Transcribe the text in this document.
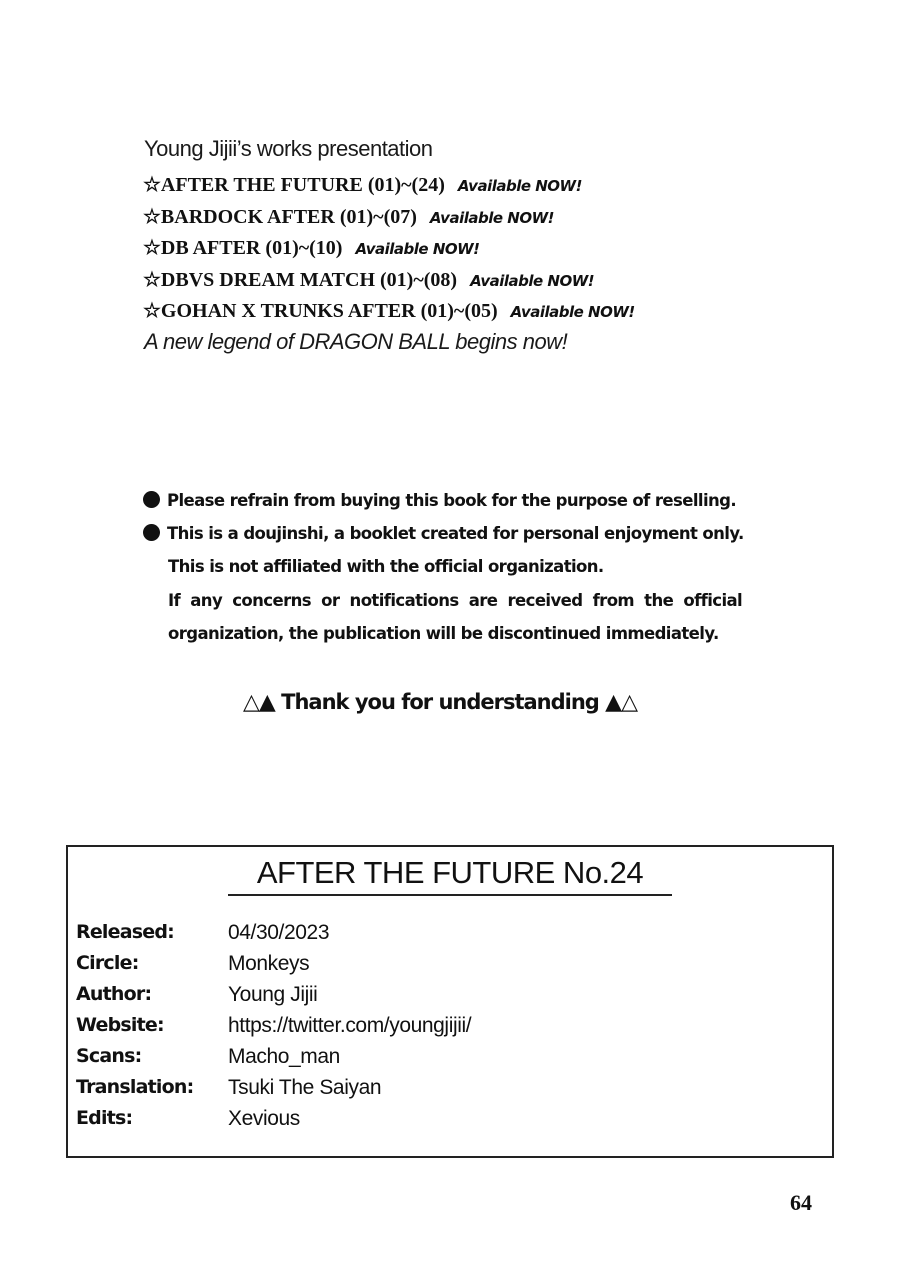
Young Jijii’s works presentation
☆AFTER THE FUTURE (01)~(24) Available NOW!
☆BARDOCK AFTER (01)~(07) Available NOW!
☆DB AFTER (01)~(10) Available NOW!
☆DBVS DREAM MATCH (01)~(08) Available NOW!
☆GOHAN X TRUNKS AFTER (01)~(05) Available NOW!
A new legend of DRAGON BALL begins now!
Please refrain from buying this book for the purpose of reselling.
This is a doujinshi, a booklet created for personal enjoyment only.
This is not affiliated with the official organization.
If any concerns or notifications are received from the official
organization, the publication will be discontinued immediately.
△▲ Thank you for understanding ▲△
AFTER THE FUTURE No.24
Released:	04/30/2023
Circle:	Monkeys
Author:	Young Jijii
Website:	https://twitter.com/youngjijii/
Scans:	Macho_man
Translation: Tsuki The Saiyan
Edits:	Xevious
64
